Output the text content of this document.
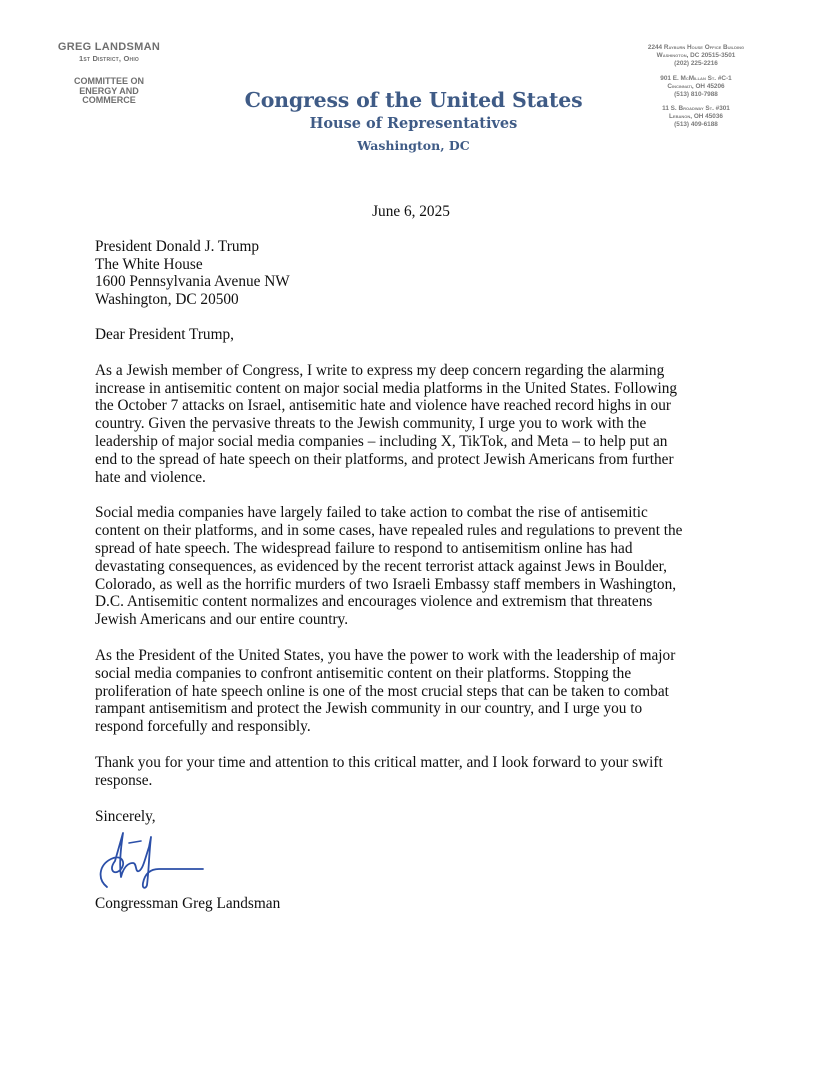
GREG LANDSMAN
1st District, Ohio
COMMITTEE ON
ENERGY AND
COMMERCE	Congress of the United States
House of Representatives
Washington, DC
2244 Rayburn House Office Building
Washington, DC 20515-3501
(202) 225-2216
901 E. McMillan St. #C-1
Cincinnati, OH 45206
(513) 810-7988
11 S. Broadway St. #301
Lebanon, OH 45036
(513) 409-6188
June 6, 2025
President Donald J. Trump
The White House
1600 Pennsylvania Avenue NW
Washington, DC 20500
Dear President Trump,
As a Jewish member of Congress, I write to express my deep concern regarding the alarming
increase in antisemitic content on major social media platforms in the United States. Following
the October 7 attacks on Israel, antisemitic hate and violence have reached record highs in our
country. Given the pervasive threats to the Jewish community, I urge you to work with the
leadership of major social media companies – including X, TikTok, and Meta – to help put an
end to the spread of hate speech on their platforms, and protect Jewish Americans from further
hate and violence.
Social media companies have largely failed to take action to combat the rise of antisemitic
content on their platforms, and in some cases, have repealed rules and regulations to prevent the
spread of hate speech. The widespread failure to respond to antisemitism online has had
devastating consequences, as evidenced by the recent terrorist attack against Jews in Boulder,
Colorado, as well as the horrific murders of two Israeli Embassy staff members in Washington,
D.C. Antisemitic content normalizes and encourages violence and extremism that threatens
Jewish Americans and our entire country.
As the President of the United States, you have the power to work with the leadership of major
social media companies to confront antisemitic content on their platforms. Stopping the
proliferation of hate speech online is one of the most crucial steps that can be taken to combat
rampant antisemitism and protect the Jewish community in our country, and I urge you to
respond forcefully and responsibly.
Thank you for your time and attention to this critical matter, and I look forward to your swift
response.
Sincerely,
Congressman Greg Landsman
